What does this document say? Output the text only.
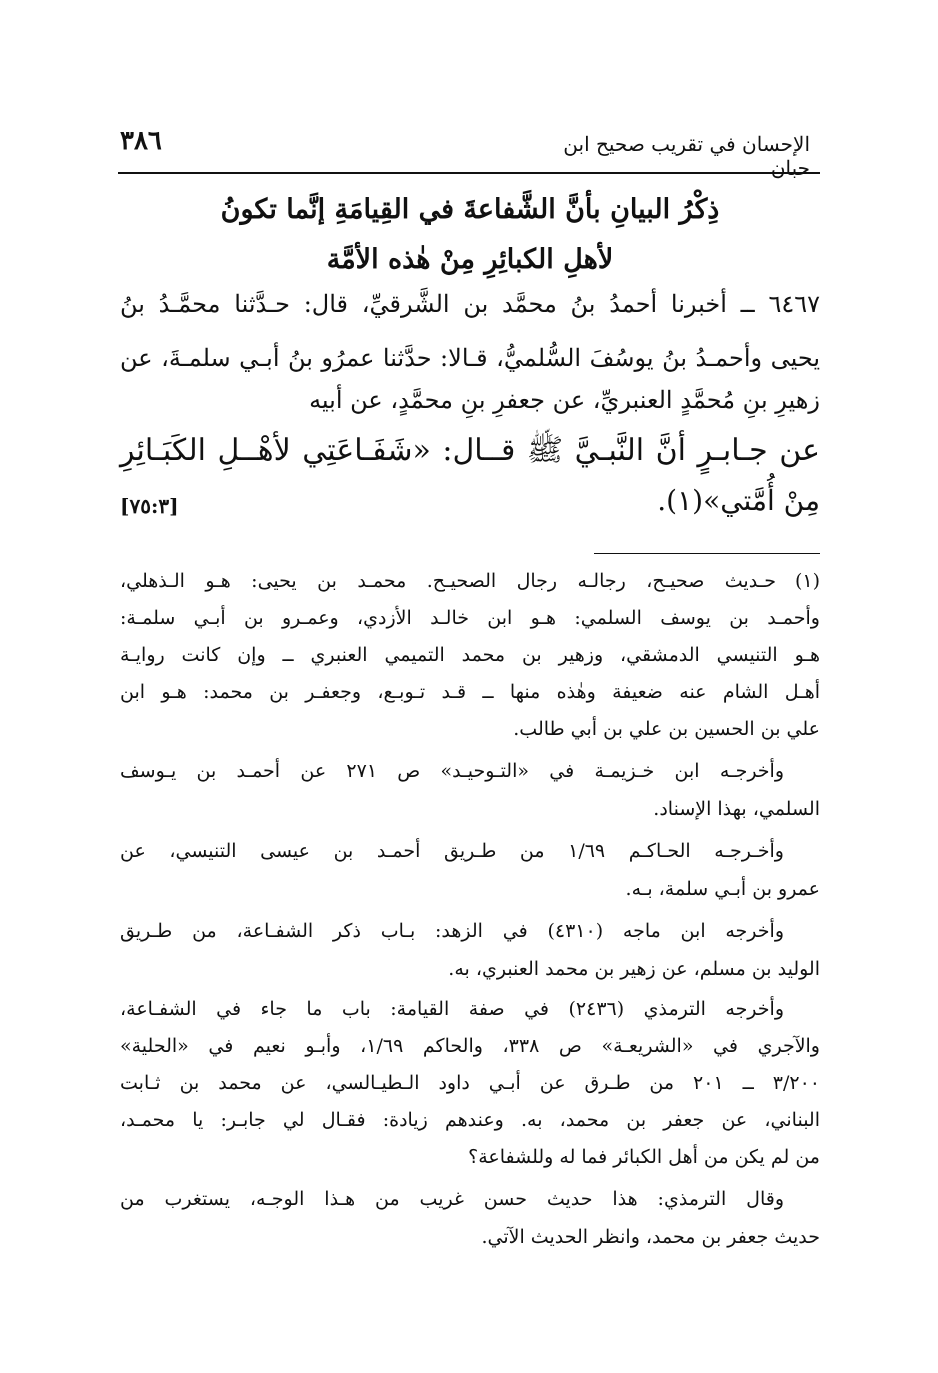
الإحسان في تقريب صحيح ابن حبان
٣٨٦
ذِكْرُ البيانِ بأنَّ الشَّفاعةَ في القِيامَةِ إنَّما تكونُ
لأهلِ الكبائِرِ مِنْ هٰذه الأمَّة
٦٤٦٧ ــ أخبرنا أحمدُ بنُ محمَّد بن الشَّرقيِّ، قال: حـدَّثنا محمَّـدُ بنُ
يحيى وأحمـدُ بنُ يوسُفَ السُّلميُّ، قـالا: حدَّثنا عمرُو بنُ أبـي سلمـةَ، عن
زهيرِ بنِ مُحمَّدٍ العنبريِّ، عن جعفرِ بنِ محمَّدٍ، عن أبيه
عن جـابـرٍ أنَّ النَّبـيَّ ﷺ قــال: «شَفَـاعَتِي لأهْــلِ الكَبَـائِرِ
مِنْ أُمَّتي»(١).
[٧٥:٣]
(١)
حـديث صحيـح، رجالـه رجال الصحيـح. محمـد بن يحيى: هـو الـذهلي،
وأحمـد بن يوسف السلمي: هـو ابن خالـد الأزدي، وعمـرو بن أبـي سلمـة:
هـو التنيسي الدمشقي، وزهير بن محمد التميمي العنبري ــ وإن كانت روايـة
أهـل الشام عنه ضعيفة وهٰذه منها ــ قـد تـوبـع، وجعفـر بن محمد: هـو ابن
علي بن الحسين بن علي بن أبي طالب.
وأخرجـه ابن خـزيمـة في «التـوحيـد» ص ٢٧١ عن أحمـد بن يـوسف
السلمي، بهذا الإسناد.
وأخـرجـه الحـاكـم ١/٦٩ من طـريق أحمـد بن عيسى التنيسي، عن
عمرو بن أبـي سلمة، بـه.
وأخرجه ابن ماجه (٤٣١٠) في الزهد: بـاب ذكر الشفـاعة، من طـريق
الوليد بن مسلم، عن زهير بن محمد العنبري، به.
وأخرجه الترمذي (٢٤٣٦) في صفة القيامة: باب ما جاء في الشفـاعة،
والآجري في «الشريعـة» ص ٣٣٨، والحاكم ١/٦٩، وأبـو نعيم في «الحلية»
٣/٢٠٠ ــ ٢٠١ من طـرق عن أبـي داود الـطيـالسي، عن محمد بن ثـابت
البناني، عن جعفر بن محمد، به. وعندهم زيادة: فقـال لي جابـر: يا محمـد،
من لم يكن من أهل الكبائر فما له وللشفاعة؟
وقال الترمذي: هذا حديث حسن غريب من هـذا الوجـه، يستغرب من
حديث جعفر بن محمد، وانظر الحديث الآتي.
